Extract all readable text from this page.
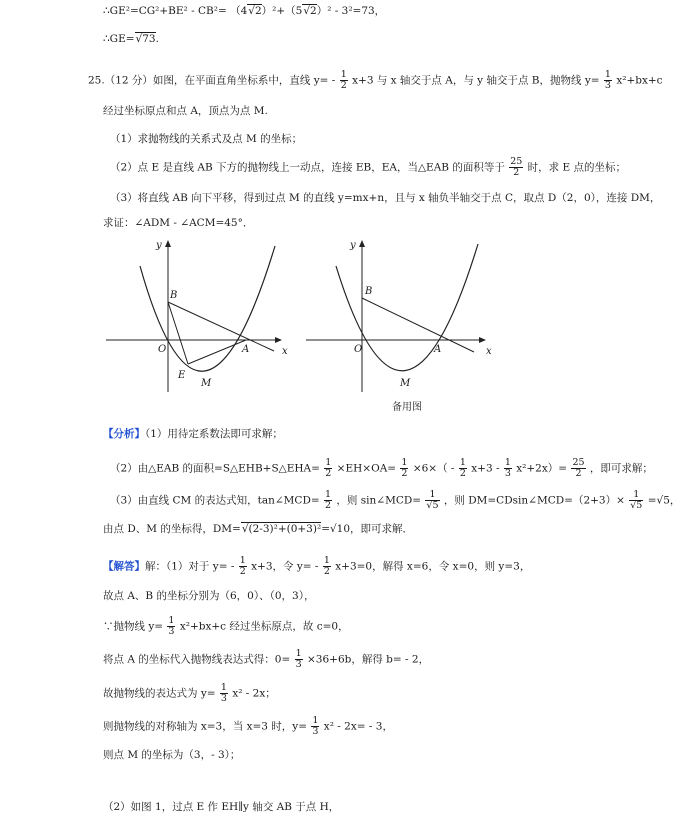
∴GE²=CG²+BE² - CB²= （4√2）²+（5√2）² - 3²=73，
∴GE=√73.
25.（12 分）如图，在平面直角坐标系中，直线 $y= - \frac{1}{2} x+3$ 与 x 轴交于点 A，与 y 轴交于点 B，抛物线 $y= \frac{1}{3} x^2+bx+c$
经过坐标原点和点 A，顶点为点 M.
（1）求抛物线的关系式及点 M 的坐标；
（2）点 E 是直线 AB 下方的抛物线上一动点，连接 EB，EA，当△EAB 的面积等于 $\frac{25}{2}$ 时，求 E 点的坐标；
（3）将直线 AB 向下平移，得到过点 M 的直线 y=mx+n，且与 x 轴负半轴交于点 C，取点 D（2，0），连接 DM，
求证：∠ADM - ∠ACM=45°．
y
x
B
O	A
E
M
y
x
B
O	A
M
备用图
【分析】（1）用待定系数法即可求解；
（2）由△EAB 的面积=S△EHB+S△EHA= $\frac{1}{2} \times EH\times OA= \frac{1}{2} \times 6\times( - \frac{1}{2} x+3 - \frac{1}{3} x^2+2x)= \frac{25}{2}$ ，即可求解；
（3）由直线 CM 的表达式知，tan∠MCD= $\frac{1}{2}$ ，则 sin∠MCD= $\frac{1}{√5}$ ，则 DM=CDsin∠MCD=（2+3）× $\frac{1}{√5} =√5$，
由点 D、M 的坐标得，DM=√(2-3)²+(0+3)²=√10，即可求解．
【解答】解：（1）对于 $y= - \frac{1}{2} x+3$，令 $y= - \frac{1}{2} x+3=0$，解得 x=6，令 x=0，则 y=3，
故点 A、B 的坐标分别为（6，0）、（0，3），
∵抛物线 $y= \frac{1}{3} x^2+bx+c$ 经过坐标原点，故 c=0，
将点 A 的坐标代入抛物线表达式得：$0= \frac{1}{3} \times 36+6b$，解得 b= - 2，
故抛物线的表达式为 $y= \frac{1}{3} x^2 - 2x$；
则抛物线的对称轴为 x=3，当 x=3 时，$y= \frac{1}{3} x^2 - 2x= - 3$，
则点 M 的坐标为（3，- 3）；
（2）如图 1，过点 E 作 EH∥y 轴交 AB 于点 H，
